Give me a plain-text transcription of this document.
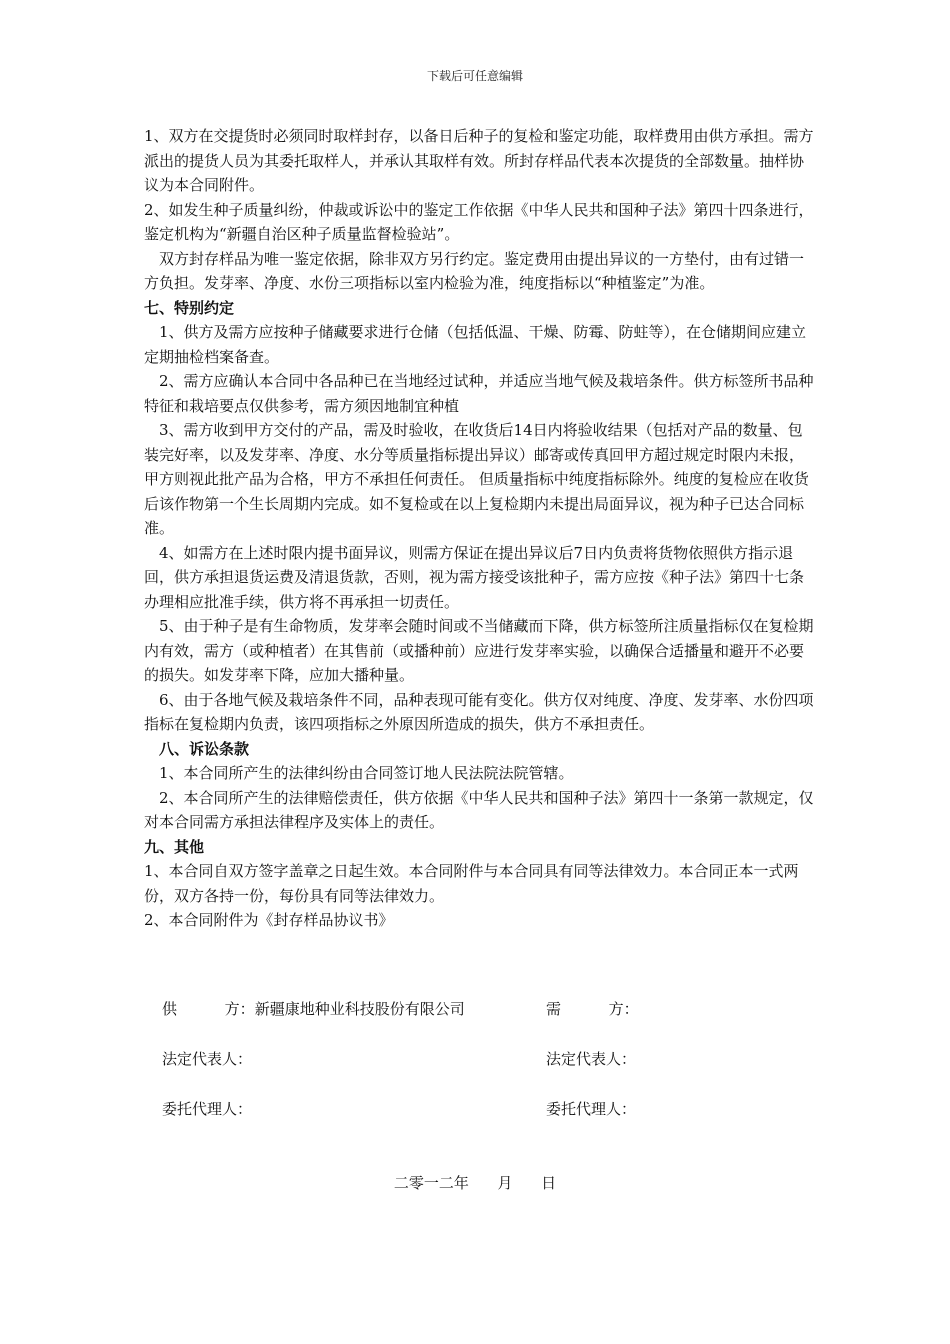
下载后可任意编辑

1、双方在交提货时必须同时取样封存，以备日后种子的复检和鉴定功能，取样费用由供方承担。需方派出的提货人员为其委托取样人，并承认其取样有效。所封存样品代表本次提货的全部数量。抽样协议为本合同附件。

2、如发生种子质量纠纷，仲裁或诉讼中的鉴定工作依据《中华人民共和国种子法》第四十四条进行，鉴定机构为“新疆自治区种子质量监督检验站”。

双方封存样品为唯一鉴定依据，除非双方另行约定。鉴定费用由提出异议的一方垫付，由有过错一方负担。发芽率、净度、水份三项指标以室内检验为准，纯度指标以“种植鉴定”为准。

七、特别约定

1、供方及需方应按种子储藏要求进行仓储（包括低温、干燥、防霉、防蛀等），在仓储期间应建立定期抽检档案备查。

2、需方应确认本合同中各品种已在当地经过试种，并适应当地气候及栽培条件。供方标签所书品种特征和栽培要点仅供参考，需方须因地制宜种植

3、需方收到甲方交付的产品，需及时验收，在收货后14日内将验收结果（包括对产品的数量、包装完好率，以及发芽率、净度、水分等质量指标提出异议）邮寄或传真回甲方超过规定时限内未报，甲方则视此批产品为合格，甲方不承担任何责任。 但质量指标中纯度指标除外。纯度的复检应在收货后该作物第一个生长周期内完成。如不复检或在以上复检期内未提出局面异议，视为种子已达合同标准。

4、如需方在上述时限内提书面异议，则需方保证在提出异议后7日内负责将货物依照供方指示退回，供方承担退货运费及清退货款，否则，视为需方接受该批种子，需方应按《种子法》第四十七条办理相应批准手续，供方将不再承担一切责任。

5、由于种子是有生命物质，发芽率会随时间或不当储藏而下降，供方标签所注质量指标仅在复检期内有效，需方（或种植者）在其售前（或播种前）应进行发芽率实验，以确保合适播量和避开不必要的损失。如发芽率下降，应加大播种量。

6、由于各地气候及栽培条件不同，品种表现可能有变化。供方仅对纯度、净度、发芽率、水份四项指标在复检期内负责，该四项指标之外原因所造成的损失，供方不承担责任。

八、诉讼条款

1、本合同所产生的法律纠纷由合同签订地人民法院法院管辖。

2、本合同所产生的法律赔偿责任，供方依据《中华人民共和国种子法》第四十一条第一款规定，仅对本合同需方承担法律程序及实体上的责任。

九、其他

1、本合同自双方签字盖章之日起生效。本合同附件与本合同具有同等法律效力。本合同正本一式两份，双方各持一份，每份具有同等法律效力。

2、本合同附件为《封存样品协议书》

供          方：新疆康地种业科技股份有限公司	需          方：
法定代表人：	法定代表人：
委托代理人：	委托代理人：
二零一二年      月      日
